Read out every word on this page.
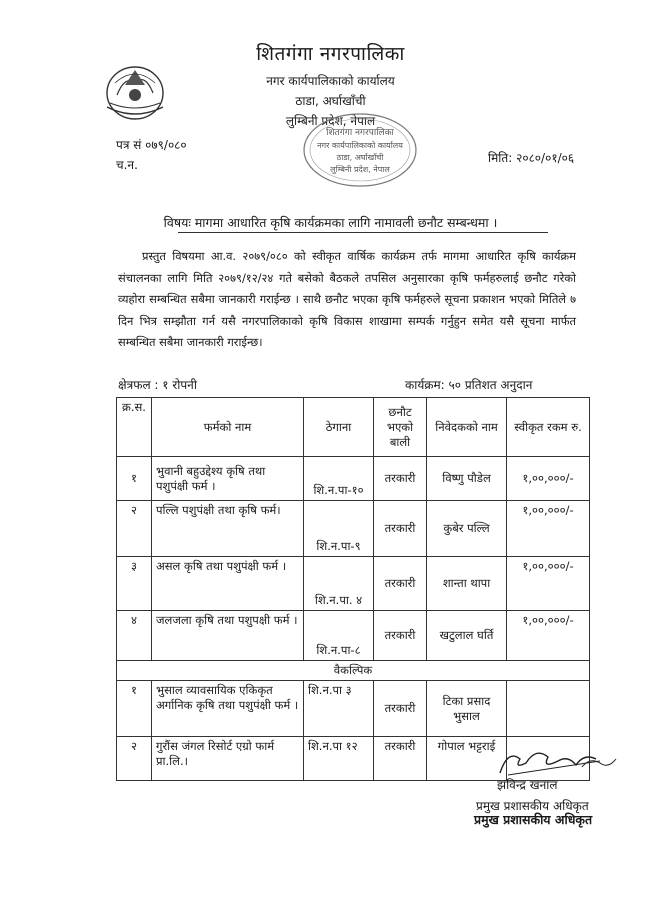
शितगंगा नगरपालिका
नगर कार्यपालिकाको कार्यालय
ठाडा, अर्घाखाँची
लुम्बिनी प्रदेश, नेपाल
शितगंगा नगरपालिका
नगर कार्यपालिकाको कार्यालय
ठाडा, अर्घाखाँची
लुम्बिनी प्रदेश, नेपाल
पत्र सं ०७९/०८०
च.न.	मिति: २०८०/०१/०६
विषयः मागमा आधारित कृषि कार्यक्रमका लागि नामावली छनौट सम्बन्धमा ।

प्रस्तुत विषयमा आ.व. २०७९/०८० को स्वीकृत वार्षिक कार्यक्रम तर्फ मागमा आधारित कृषि कार्यक्रम संचालनका लागि मिति २०७९/१२/२४ गते बसेको बैठकले तपसिल अनुसारका कृषि फर्महरुलाई छनौट गरेको व्यहोरा सम्बन्धित सबैमा जानकारी गराईन्छ । साथै छनौट भएका कृषि फर्महरुले सूचना प्रकाशन भएको मितिले ७ दिन भित्र सम्झौता गर्न यसै नगरपालिकाको कृषि विकास शाखामा सम्पर्क गर्नुहुन समेत यसै सूचना मार्फत सम्बन्धित सबैमा जानकारी गराईन्छ।

क्षेत्रफल : १ रोपनी	कार्यक्रम: ५० प्रतिशत अनुदान
क्र.स.	फर्मको नाम	ठेगाना	छनौट भएको बाली	निवेदकको नाम	स्वीकृत रकम रु.
१	भुवानी बहुउद्देश्य कृषि तथा पशुपंक्षी फर्म ।	शि.न.पा-१०	तरकारी	विष्णु पौडेल	१,००,०००/-
२	पल्लि पशुपंक्षी तथा कृषि फर्म।	शि.न.पा-९	तरकारी	कुबेर पल्लि	१,००,०००/-
३	असल कृषि तथा पशुपंक्षी फर्म ।	शि.न.पा. ४	तरकारी	शान्ता थापा	१,००,०००/-
४	जलजला कृषि तथा पशुपक्षी फर्म ।	शि.न.पा-८	तरकारी	खटुलाल घर्ति	१,००,०००/-
वैकल्पिक					
१	भुसाल व्यावसायिक एकिकृत अर्गानिक कृषि तथा पशुपंक्षी फर्म ।	शि.न.पा ३	तरकारी	टिका प्रसाद भुसाल	
२	गुरौंस जंगल रिसोर्ट एग्रो फार्म प्रा.लि.।	शि.न.पा १२	तरकारी	गोपाल भट्टराई	
झविन्द्र खनाल
प्रमुख प्रशासकीय अधिकृत
प्रमुख प्रशासकीय अधिकृत
